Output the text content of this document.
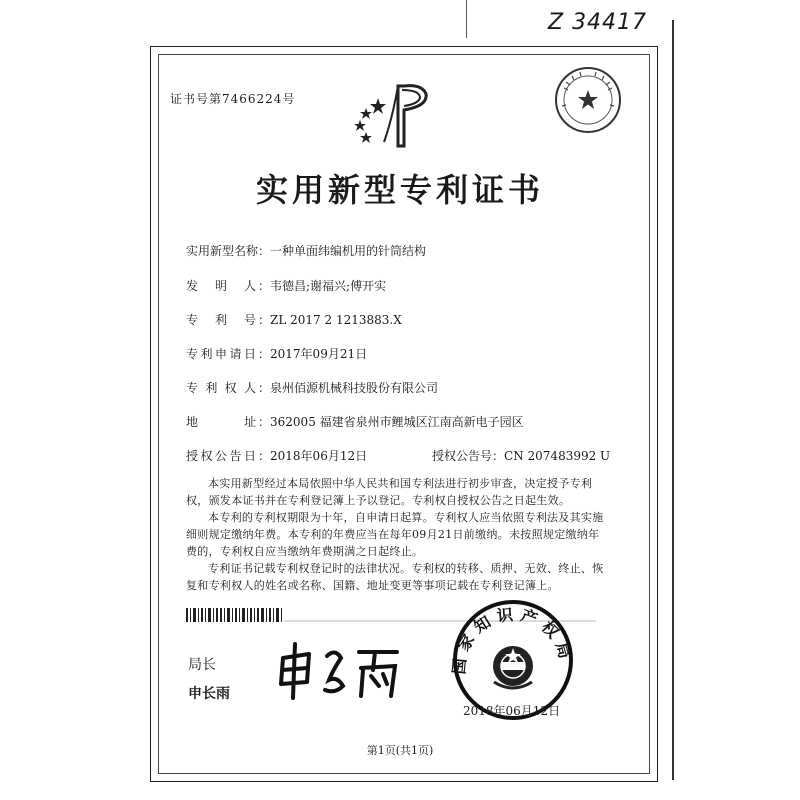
Z 34417
证书号第7466224号
实用新型专利证书
实用新型名称：一种单面纬编机用的针筒结构
发明人 ：韦德昌;谢福兴;傅开实
专利号 ：ZL 2017 2 1213883.X
专利申请日 ：2017年09月21日
专利权人 ：泉州佰源机械科技股份有限公司
地址 ：362005 福建省泉州市鲤城区江南高新电子园区
授权公告日 ：2018年06月12日	授权公告号：CN 207483992 U

本实用新型经过本局依照中华人民共和国专利法进行初步审查，决定授予专利权，颁发本证书并在专利登记簿上予以登记。专利权自授权公告之日起生效。

本专利的专利权期限为十年，自申请日起算。专利权人应当依照专利法及其实施细则规定缴纳年费。本专利的年费应当在每年09月21日前缴纳。未按照规定缴纳年费的，专利权自应当缴纳年费期满之日起终止。

专利证书记载专利权登记时的法律状况。专利权的转移、质押、无效、终止、恢复和专利权人的姓名或名称、国籍、地址变更等事项记载在专利登记簿上。

局长
申长雨
国家知识产权局
2018年06月12日
第1页(共1页)
